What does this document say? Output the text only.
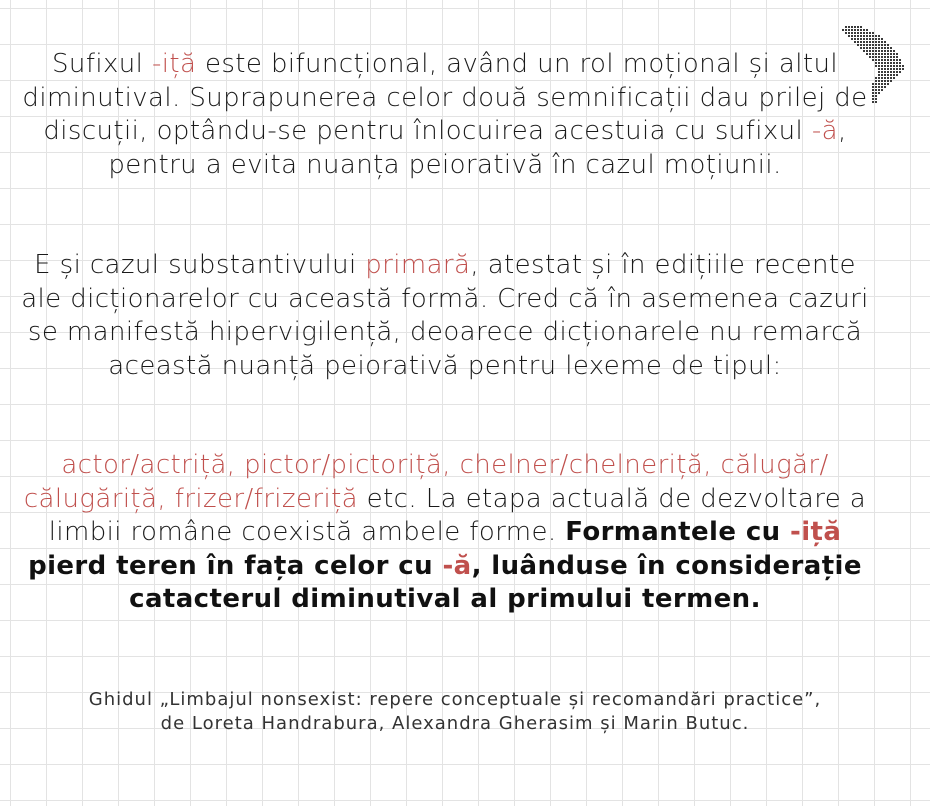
Sufixul -iță este bifuncțional, având un rol moțional și altul diminutival. Suprapunerea celor două semnificații dau prilej de discuții, optându-se pentru înlocuirea acestuia cu sufixul -ă, pentru a evita nuanța peiorativă în cazul moțiunii.

E și cazul substantivului primară, atestat și în edițiile recente ale dicționarelor cu această formă. Cred că în asemenea cazuri se manifestă hipervigilență, deoarece dicționarele nu remarcă această nuanță peiorativă pentru lexeme de tipul:

actor/actriță, pictor/pictoriță, chelner/chelneriță, călugăr/ călugăriță, frizer/frizeriță etc. La etapa actuală de dezvoltare a limbii române coexistă ambele forme. Formantele cu -iță pierd teren în fața celor cu -ă, luânduse în considerație catacterul diminutival al primului termen.

Ghidul „Limbajul nonsexist: repere conceptuale și recomandări practice”,
de Loreta Handrabura, Alexandra Gherasim și Marin Butuc.
